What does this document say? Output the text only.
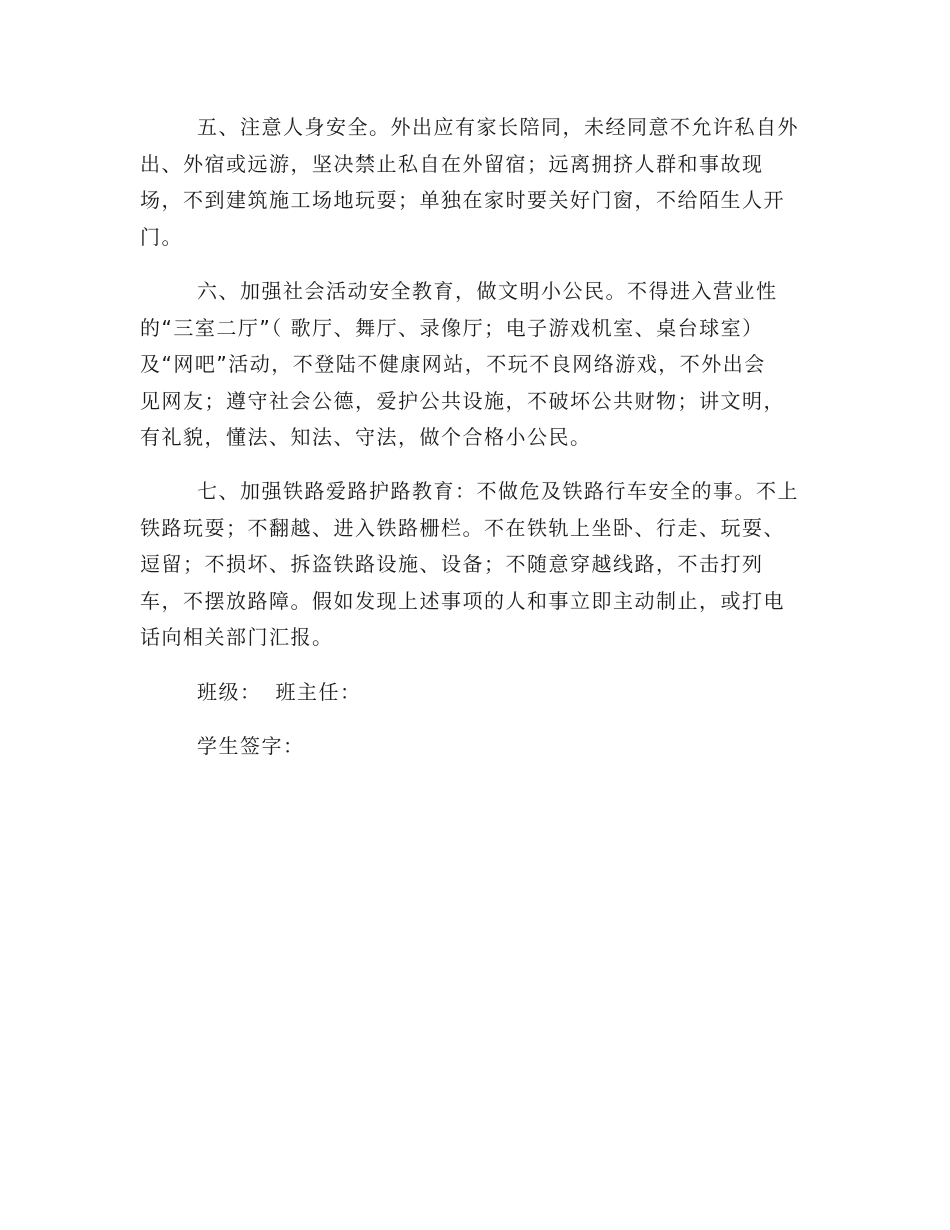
五、注意人身安全。外出应有家长陪同，未经同意不允许私自外
出、外宿或远游，坚决禁止私自在外留宿；远离拥挤人群和事故现
场，不到建筑施工场地玩耍；单独在家时要关好门窗，不给陌生人开
门。
六、加强社会活动安全教育，做文明小公民。不得进入营业性
的“三室二厅”（ 歌厅、舞厅、录像厅；电子游戏机室、桌台球室）
及“网吧”活动，不登陆不健康网站，不玩不良网络游戏，不外出会
见网友；遵守社会公德，爱护公共设施，不破坏公共财物；讲文明，
有礼貌，懂法、知法、守法，做个合格小公民。
七、加强铁路爱路护路教育：不做危及铁路行车安全的事。不上
铁路玩耍；不翻越、进入铁路栅栏。不在铁轨上坐卧、行走、玩耍、
逗留；不损坏、拆盗铁路设施、设备；不随意穿越线路，不击打列
车，不摆放路障。假如发现上述事项的人和事立即主动制止，或打电
话向相关部门汇报。
班级： 班主任：
学生签字：
